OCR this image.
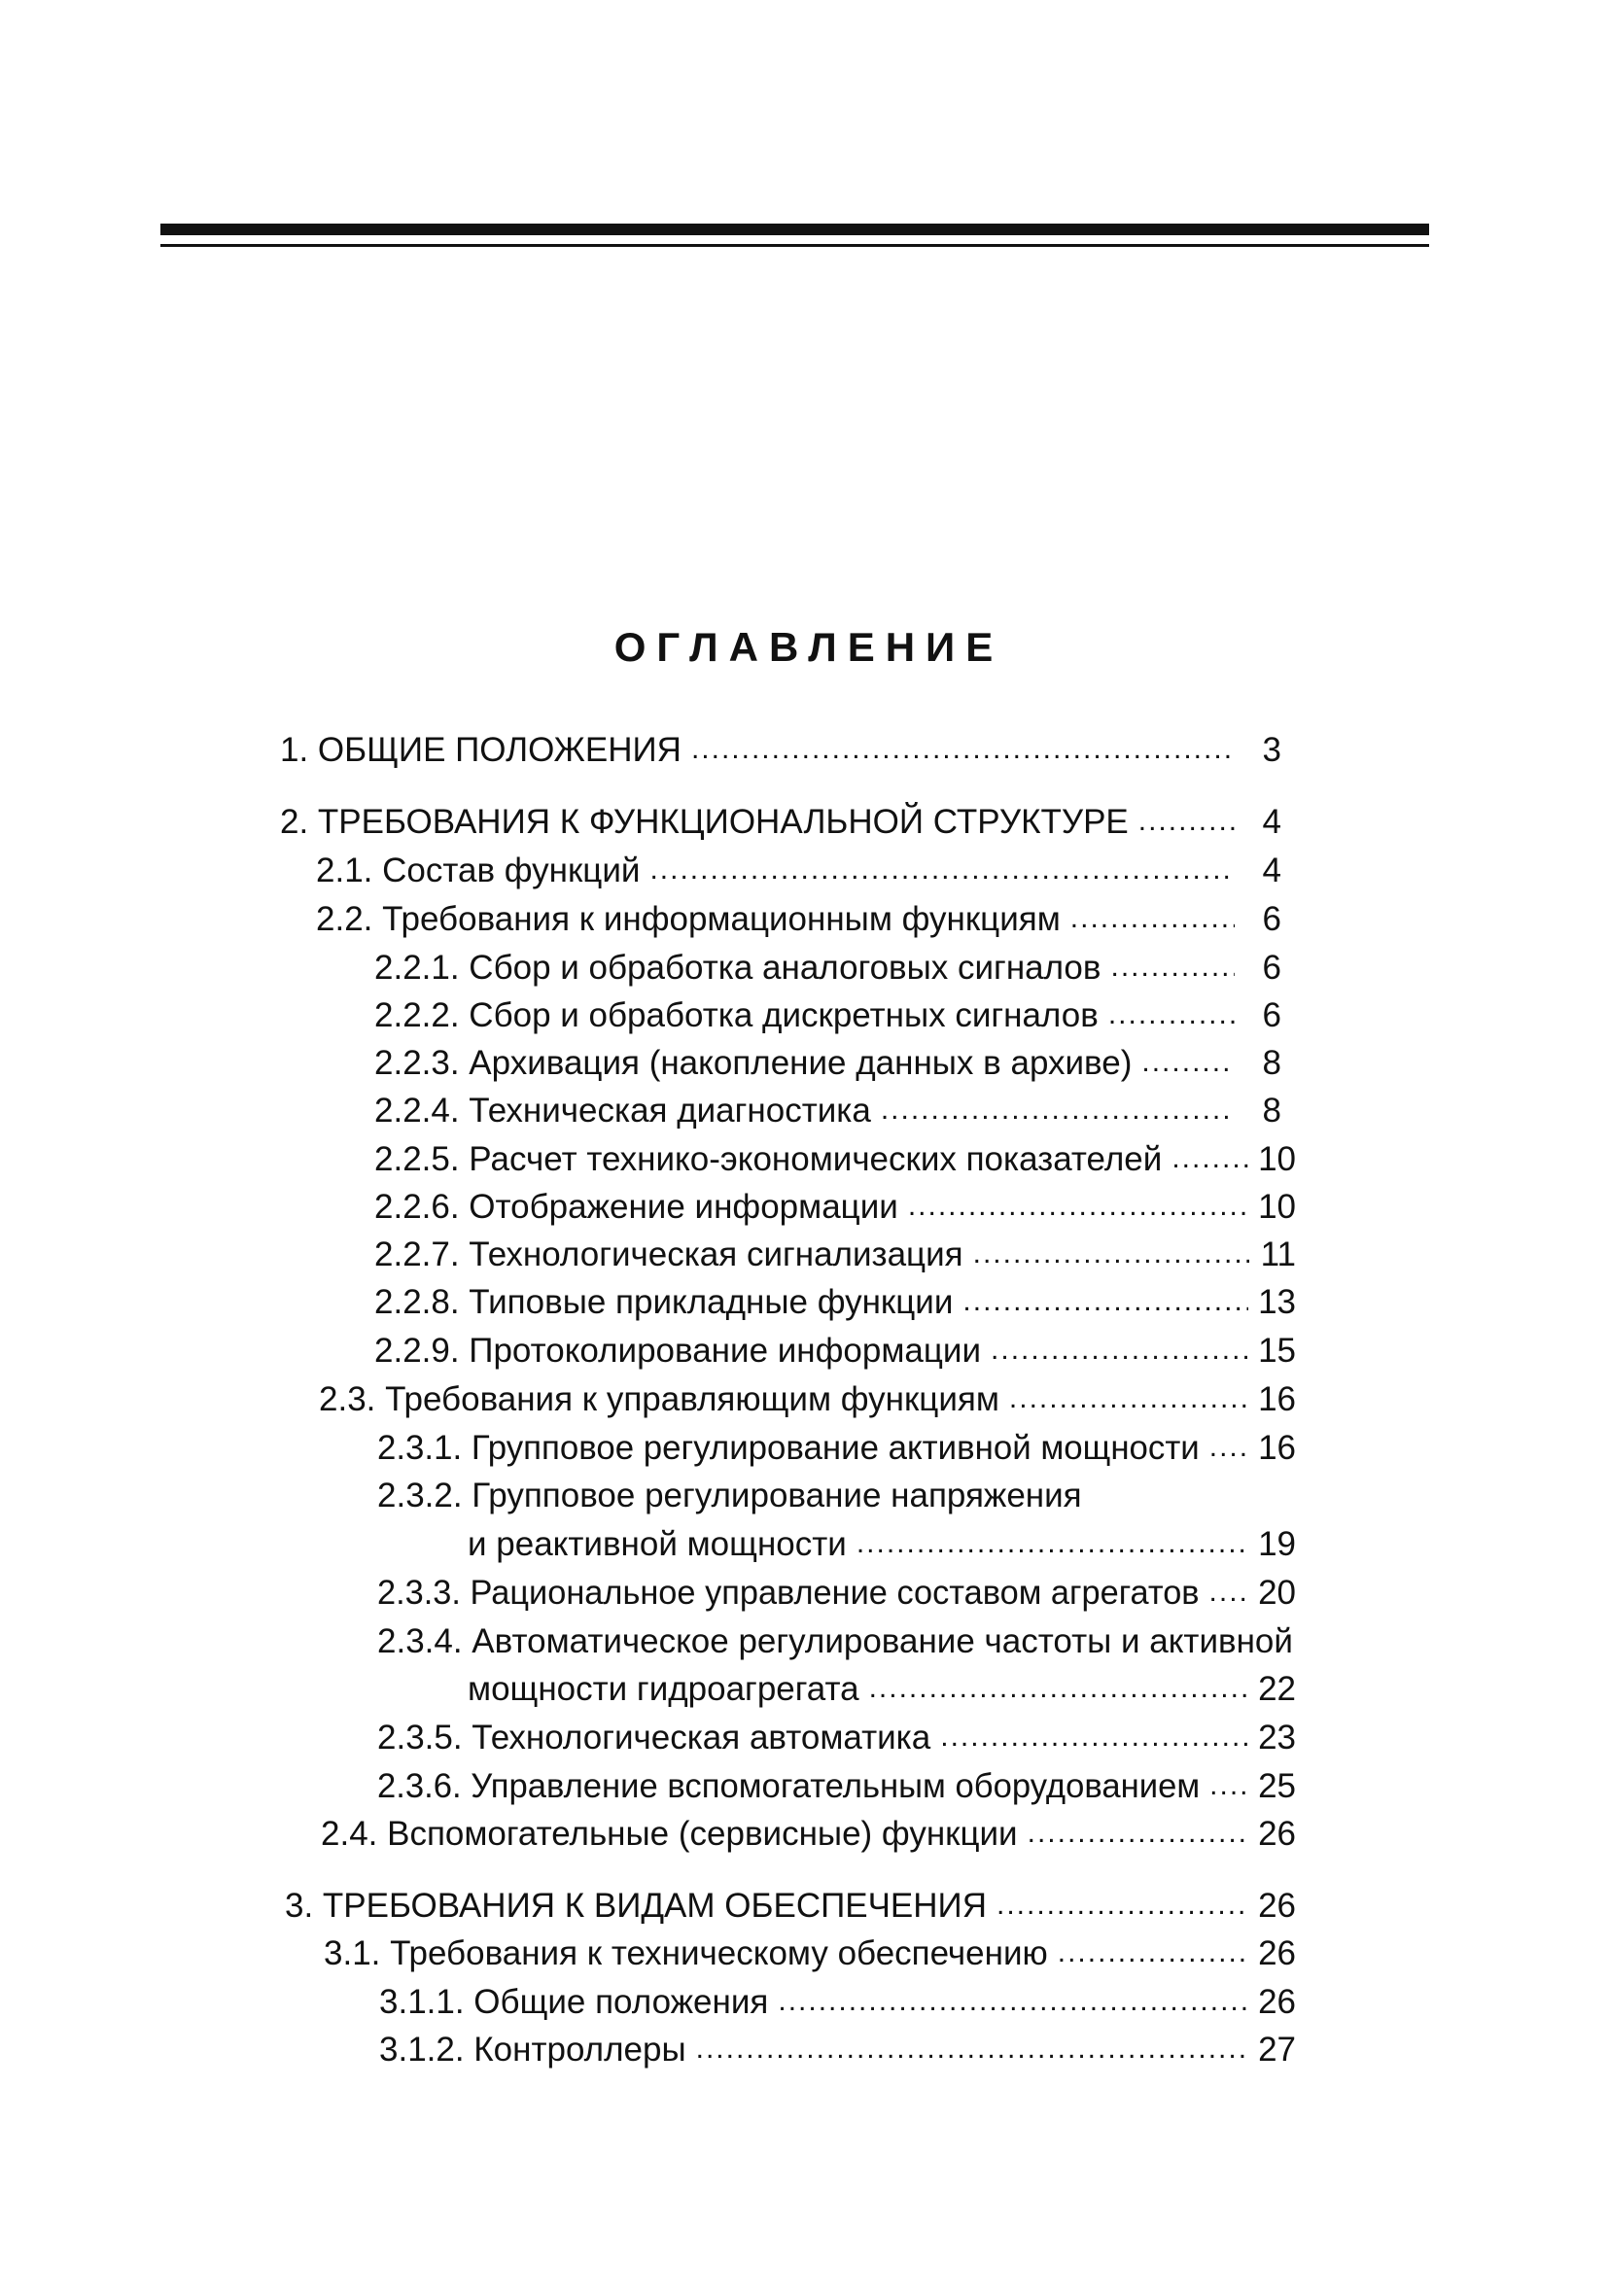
ОГЛАВЛЕНИЕ
1. ОБЩИЕ ПОЛОЖЕНИЯ .....	3
2. ТРЕБОВАНИЯ К ФУНКЦИОНАЛЬНОЙ СТРУКТУРЕ .....	4
2.1. Состав функций .....	4
2.2. Требования к информационным функциям .....	6
2.2.1. Сбор и обработка аналоговых сигналов .....	6
2.2.2. Сбор и обработка дискретных сигналов .....	6
2.2.3. Архивация (накопление данных в архиве) .....	8
2.2.4. Техническая диагностика .....	8
2.2.5. Расчет технико-экономических показателей .....	10
2.2.6. Отображение информации .....	10
2.2.7. Технологическая сигнализация .....	11
2.2.8. Типовые прикладные функции .....	13
2.2.9. Протоколирование информации .....	15
2.3. Требования к управляющим функциям .....	16
2.3.1. Групповое регулирование активной мощности ..... 16
2.3.2. Групповое регулирование напряжения
и реактивной мощности .....	19
2.3.3. Рациональное управление составом агрегатов ..... 20
2.3.4. Автоматическое регулирование частоты и активной
мощности гидроагрегата .....	22
2.3.5. Технологическая автоматика .....	23
2.3.6. Управление вспомогательным оборудованием ..... 25
2.4. Вспомогательные (сервисные) функции .....	26
3. ТРЕБОВАНИЯ К ВИДАМ ОБЕСПЕЧЕНИЯ .....	26
3.1. Требования к техническому обеспечению .....	26
3.1.1. Общие положения .....	26
3.1.2. Контроллеры .....	27
